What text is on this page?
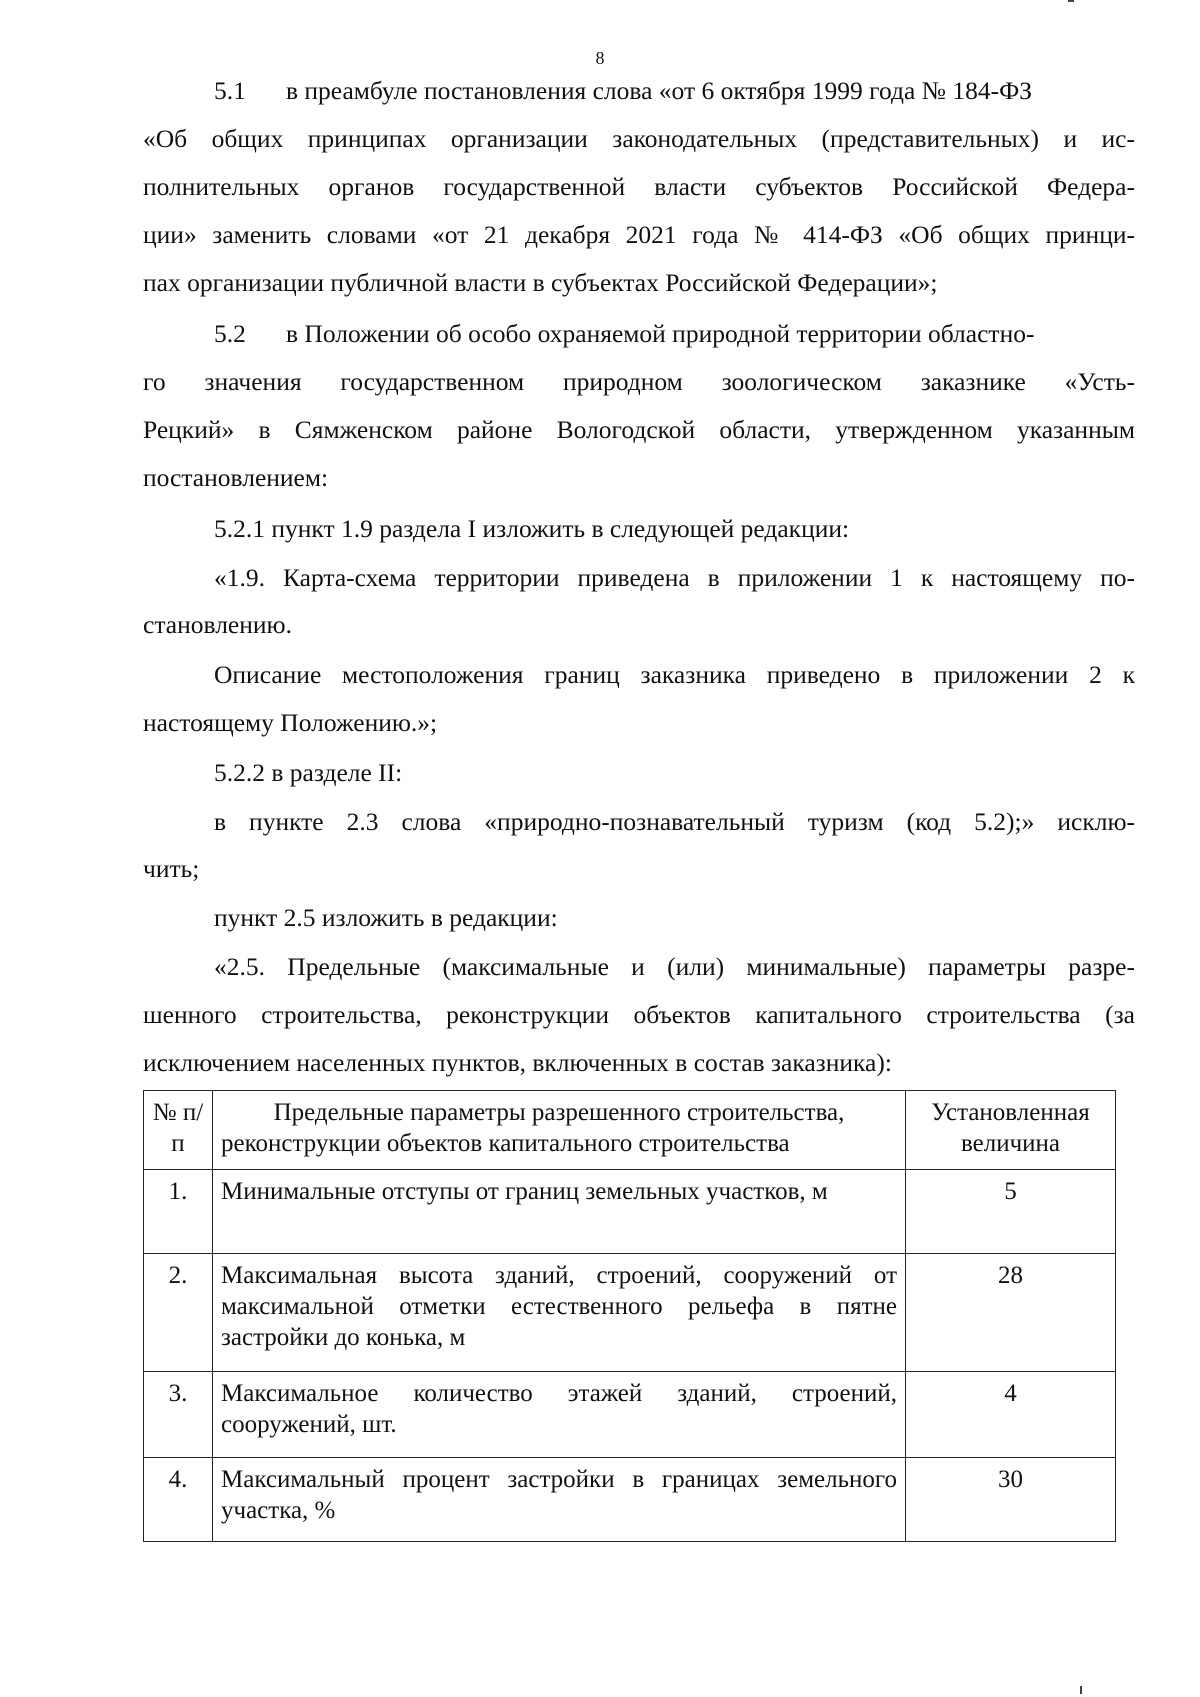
8
5.1 в преамбуле постановления слова «от 6 октября 1999 года № 184-ФЗ
«Об общих принципах организации законодательных (представительных) и ис-
полнительных органов государственной власти субъектов Российской Федера-
ции» заменить словами «от 21 декабря 2021 года № 414-ФЗ «Об общих принци-
пах организации публичной власти в субъектах Российской Федерации»;
5.2 в Положении об особо охраняемой природной территории областно-
го значения государственном природном зоологическом заказнике «Усть-
Рецкий» в Сямженском районе Вологодской области, утвержденном указанным
постановлением:
5.2.1 пункт 1.9 раздела I изложить в следующей редакции:
«1.9. Карта-схема территории приведена в приложении 1 к настоящему по-
становлению.
Описание местоположения границ заказника приведено в приложении 2 к
настоящему Положению.»;
5.2.2 в разделе II:
в пункте 2.3 слова «природно-познавательный туризм (код 5.2);» исклю-
чить;
пункт 2.5 изложить в редакции:
«2.5. Предельные (максимальные и (или) минимальные) параметры разре-
шенного строительства, реконструкции объектов капитального строительства (за
исключением населенных пунктов, включенных в состав заказника):
№ п/п	Предельные параметры разрешенного строительства, реконструкции объектов капитального строительства	Установленная величина
1.	Минимальные отступы от границ земельных участков, м	5
2.	Максимальная высота зданий, строений, сооружений от максимальной отметки естественного рельефа в пятне застройки до конька, м	28
3.	Максимальное количество этажей зданий, строений, сооружений, шт.	4
4.	Максимальный процент застройки в границах земельного участка, %	30
